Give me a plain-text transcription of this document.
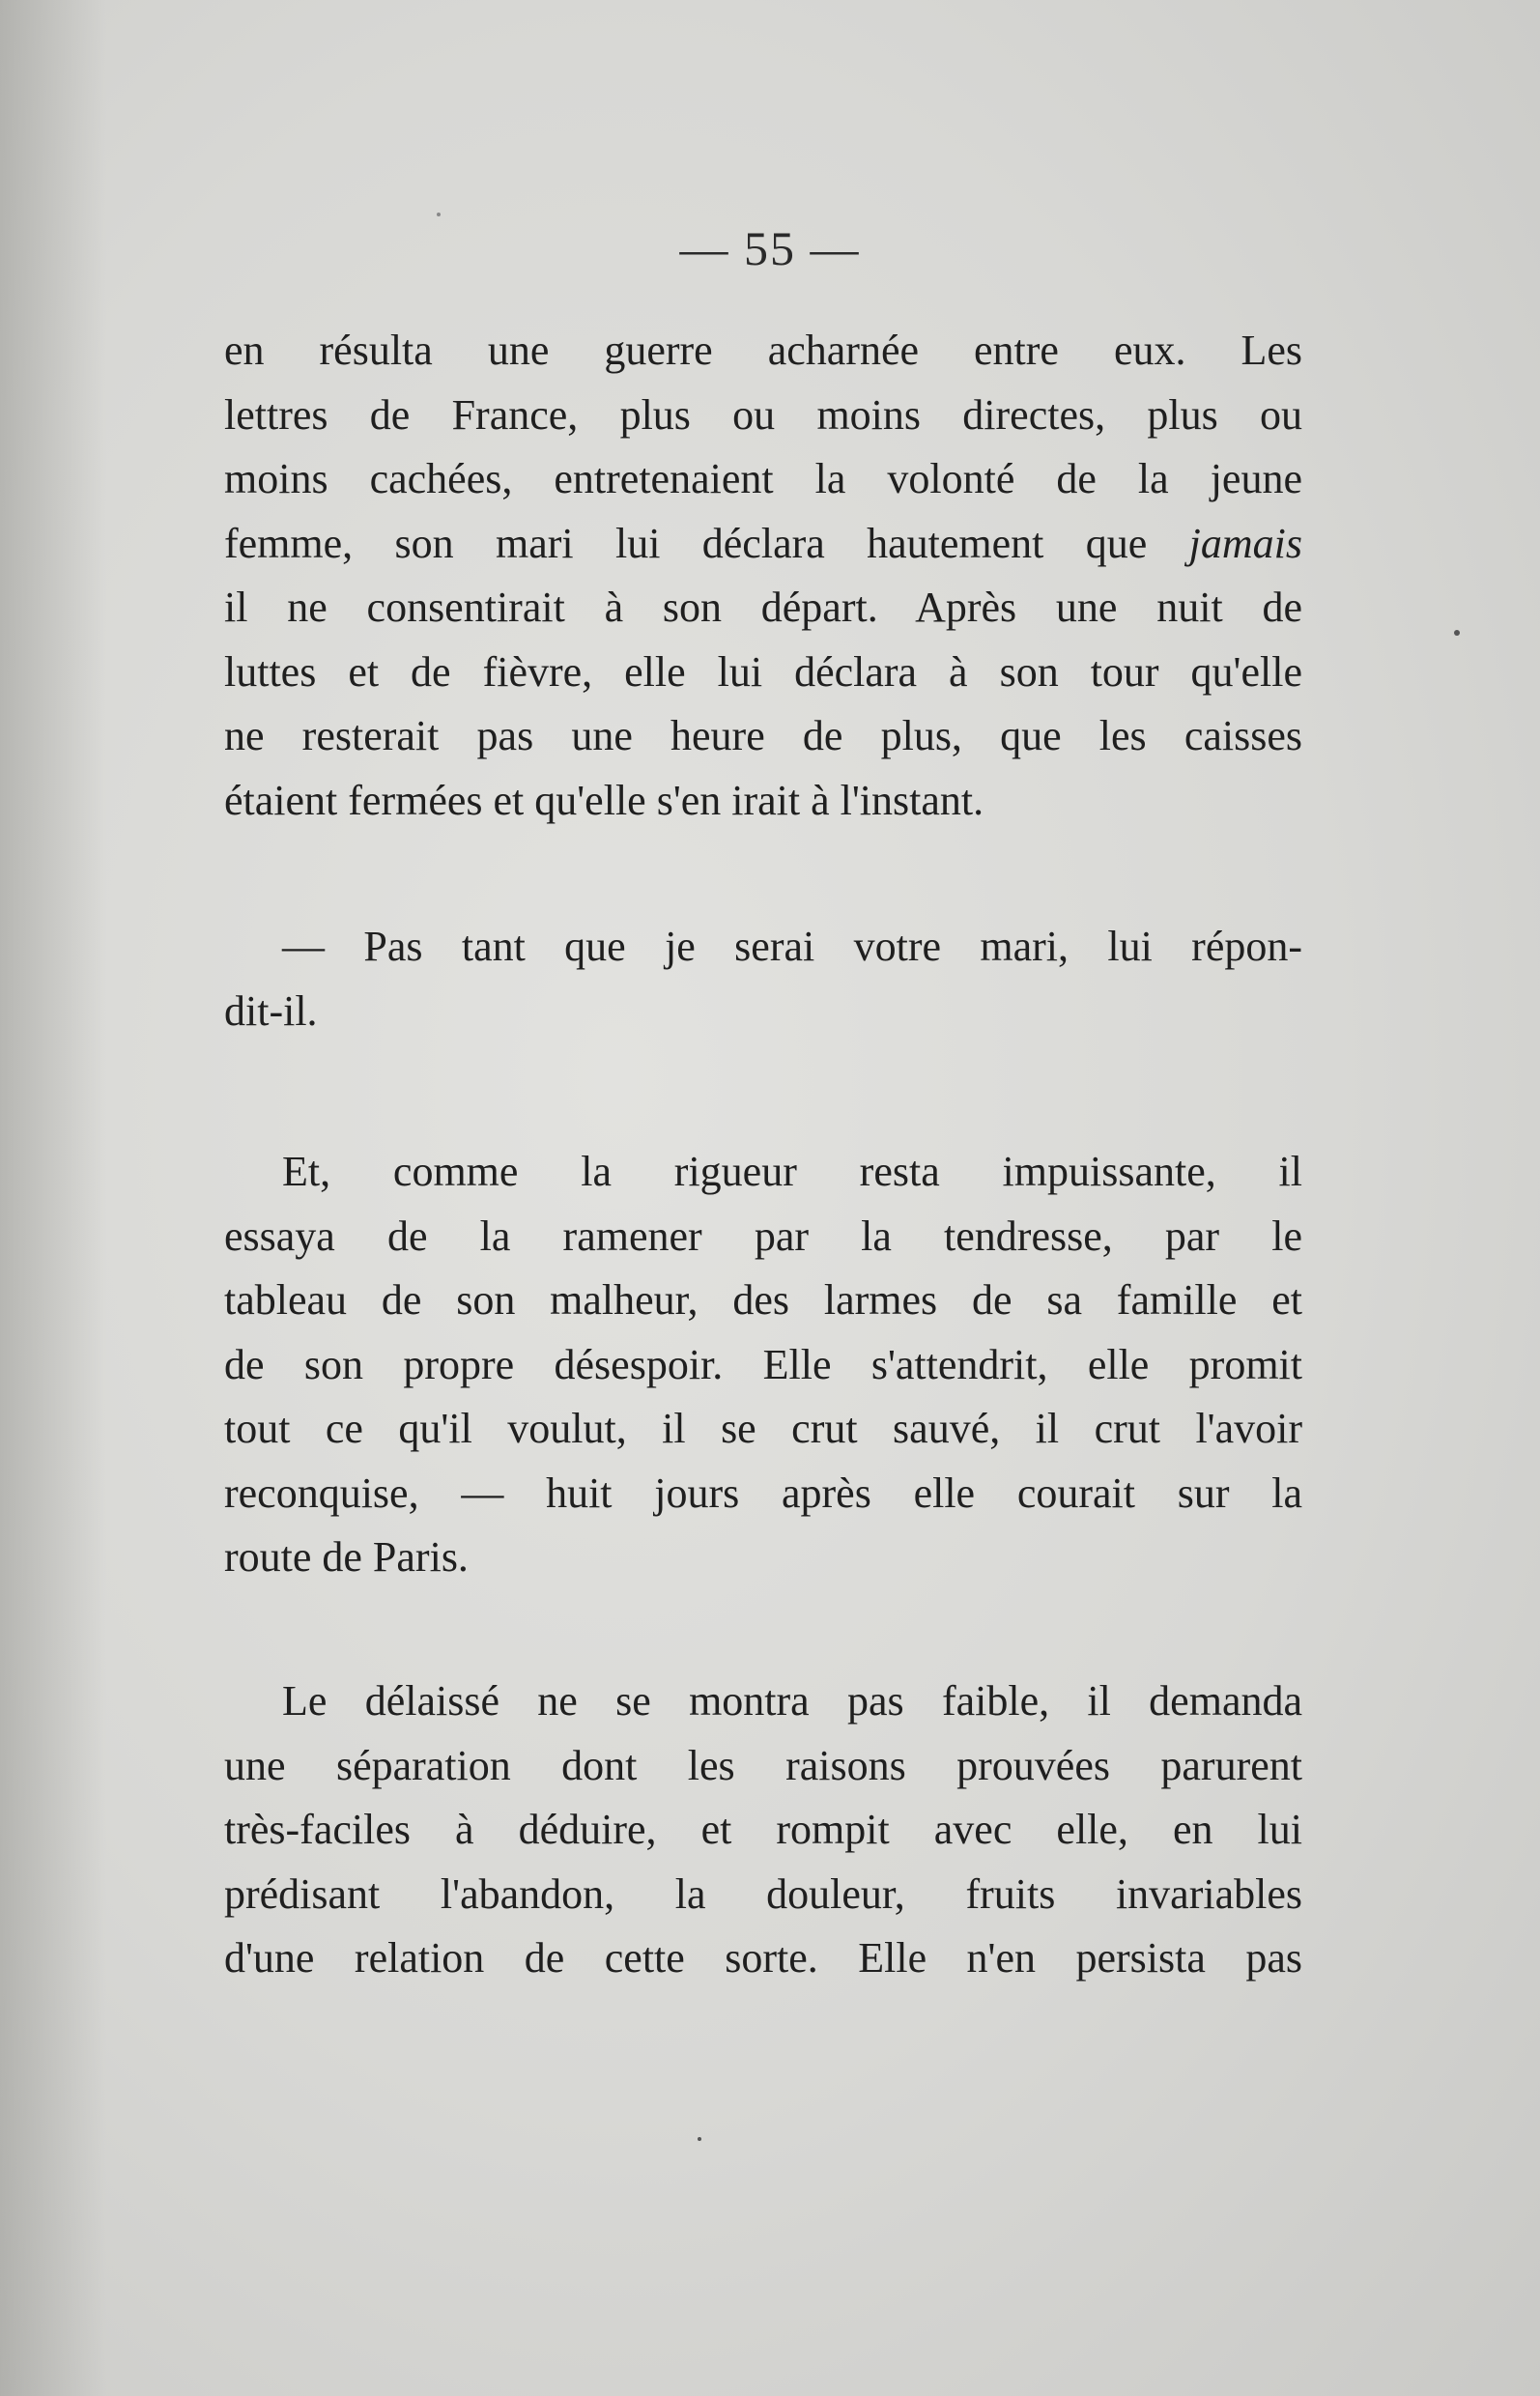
— 55 —
en résulta une guerre acharnée entre eux. Les
lettres de France, plus ou moins directes, plus ou
moins cachées, entretenaient la volonté de la jeune
femme, son mari lui déclara hautement que jamais
il ne consentirait à son départ. Après une nuit de
luttes et de fièvre, elle lui déclara à son tour qu'elle
ne resterait pas une heure de plus, que les caisses
étaient fermées et qu'elle s'en irait à l'instant.
— Pas tant que je serai votre mari, lui répon-
dit-il.
Et, comme la rigueur resta impuissante, il
essaya de la ramener par la tendresse, par le
tableau de son malheur, des larmes de sa famille et
de son propre désespoir. Elle s'attendrit, elle promit
tout ce qu'il voulut, il se crut sauvé, il crut l'avoir
reconquise, — huit jours après elle courait sur la
route de Paris.
Le délaissé ne se montra pas faible, il demanda
une séparation dont les raisons prouvées parurent
très-faciles à déduire, et rompit avec elle, en lui
prédisant l'abandon, la douleur, fruits invariables
d'une relation de cette sorte. Elle n'en persista pas
